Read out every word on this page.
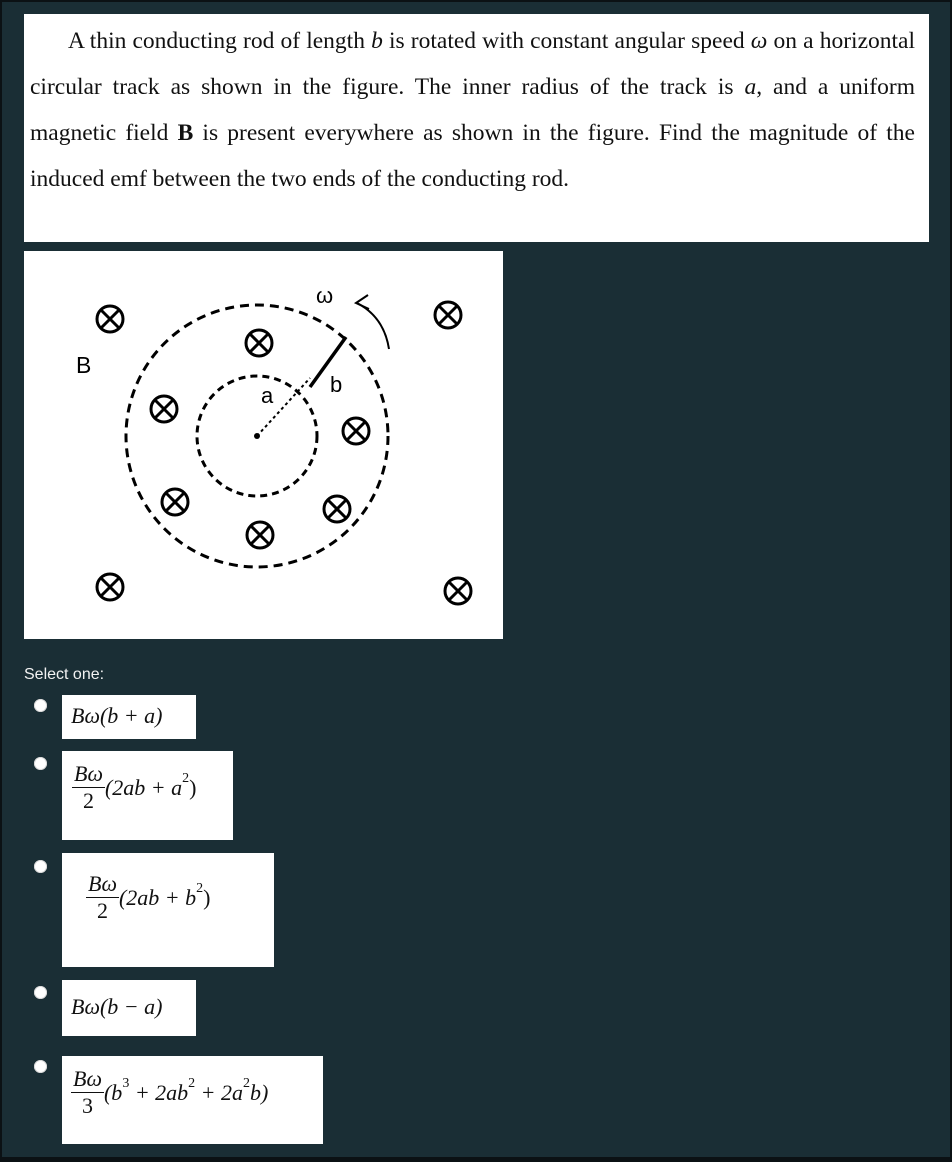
A thin conducting rod of length b is rotated with constant angular speed ω on a horizontal circular track as shown in the figure. The inner radius of the track is a, and a uniform magnetic field B is present everywhere as shown in the figure. Find the magnitude of the induced emf between the two ends of the conducting rod.

B
a	b
ω
Select one:
Bω(b + a)
$\frac{B\omega}{2} (2ab + a^2)$
$\frac{B\omega}{2} (2ab + b^2)$
Bω(b − a)
$\frac{B\omega}{3} (b^3 + 2ab^2 + 2a^2b)$
